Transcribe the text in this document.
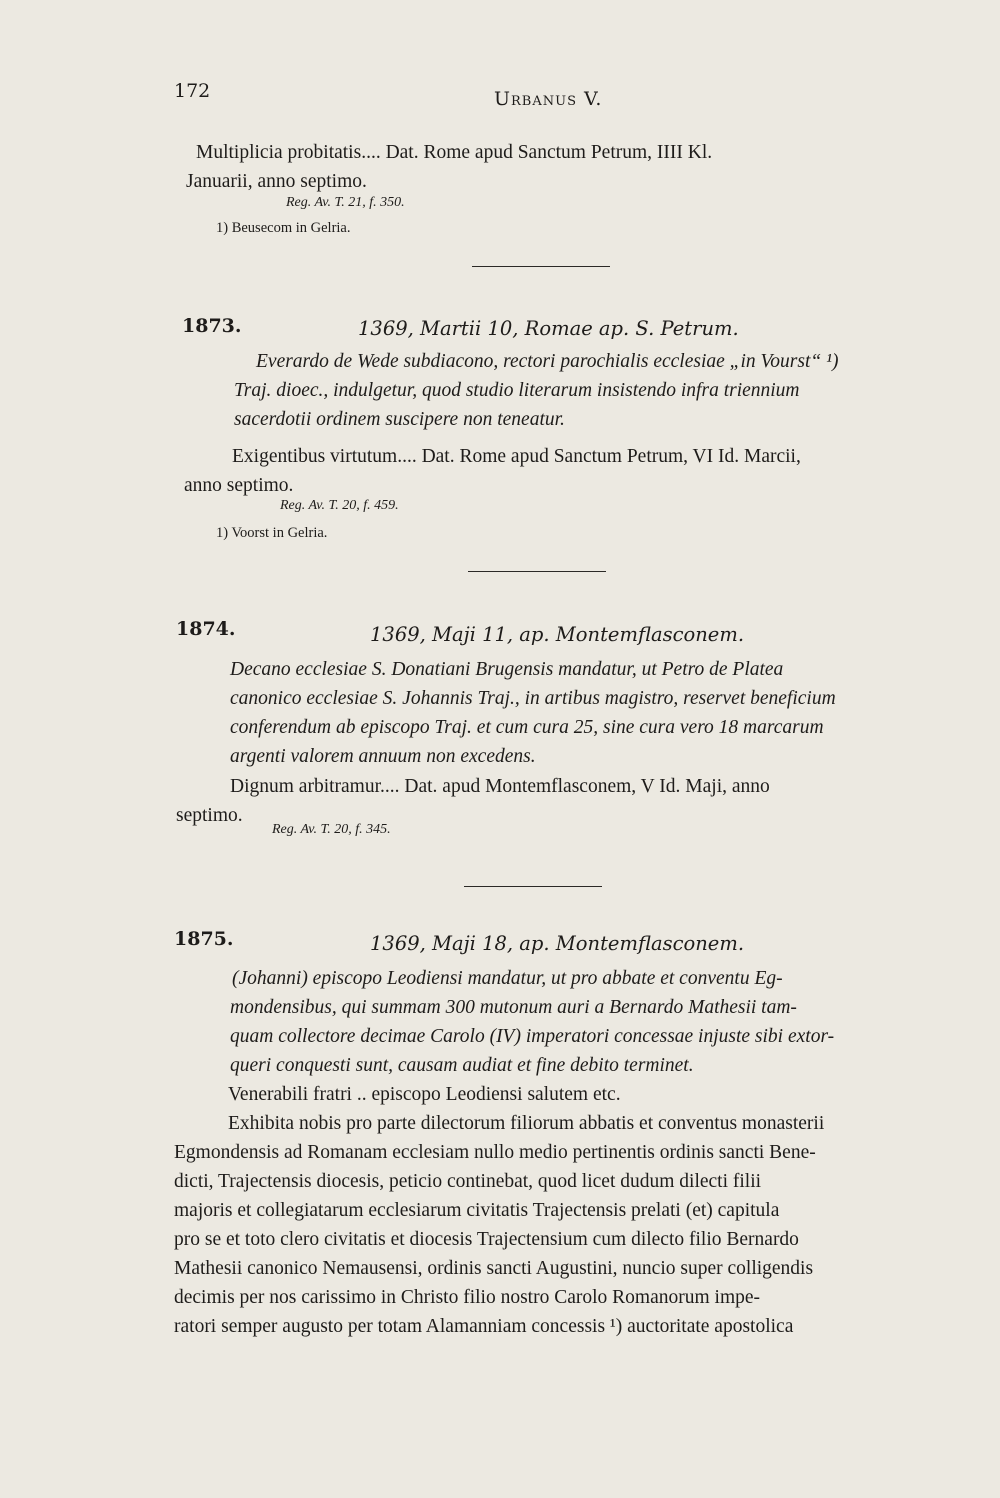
172	Urbanus V.
Multiplicia probitatis.... Dat. Rome apud Sanctum Petrum, IIII Kl.
Januarii, anno septimo.
Reg. Av. T. 21, f. 350.
1) Beusecom in Gelria.
1873.	1369, Martii 10, Romae ap. S. Petrum.
Everardo de Wede subdiacono, rectori parochialis ecclesiae „in Vourst“ ¹)
Traj. dioec., indulgetur, quod studio literarum insistendo infra triennium
sacerdotii ordinem suscipere non teneatur.
Exigentibus virtutum.... Dat. Rome apud Sanctum Petrum, VI Id. Marcii,
anno septimo.
Reg. Av. T. 20, f. 459.
1) Voorst in Gelria.
1874.	1369, Maji 11, ap. Montemflasconem.
Decano ecclesiae S. Donatiani Brugensis mandatur, ut Petro de Platea
canonico ecclesiae S. Johannis Traj., in artibus magistro, reservet beneficium
conferendum ab episcopo Traj. et cum cura 25, sine cura vero 18 marcarum
argenti valorem annuum non excedens.
Dignum arbitramur.... Dat. apud Montemflasconem, V Id. Maji, anno
septimo.
Reg. Av. T. 20, f. 345.
1875.	1369, Maji 18, ap. Montemflasconem.
(Johanni) episcopo Leodiensi mandatur, ut pro abbate et conventu Eg-
mondensibus, qui summam 300 mutonum auri a Bernardo Mathesii tam-
quam collectore decimae Carolo (IV) imperatori concessae injuste sibi extor-
queri conquesti sunt, causam audiat et fine debito terminet.
Venerabili fratri .. episcopo Leodiensi salutem etc.
Exhibita nobis pro parte dilectorum filiorum abbatis et conventus monasterii
Egmondensis ad Romanam ecclesiam nullo medio pertinentis ordinis sancti Bene-
dicti, Trajectensis diocesis, peticio continebat, quod licet dudum dilecti filii
majoris et collegiatarum ecclesiarum civitatis Trajectensis prelati (et) capitula
pro se et toto clero civitatis et diocesis Trajectensium cum dilecto filio Bernardo
Mathesii canonico Nemausensi, ordinis sancti Augustini, nuncio super colligendis
decimis per nos carissimo in Christo filio nostro Carolo Romanorum impe-
ratori semper augusto per totam Alamanniam concessis ¹) auctoritate apostolica
